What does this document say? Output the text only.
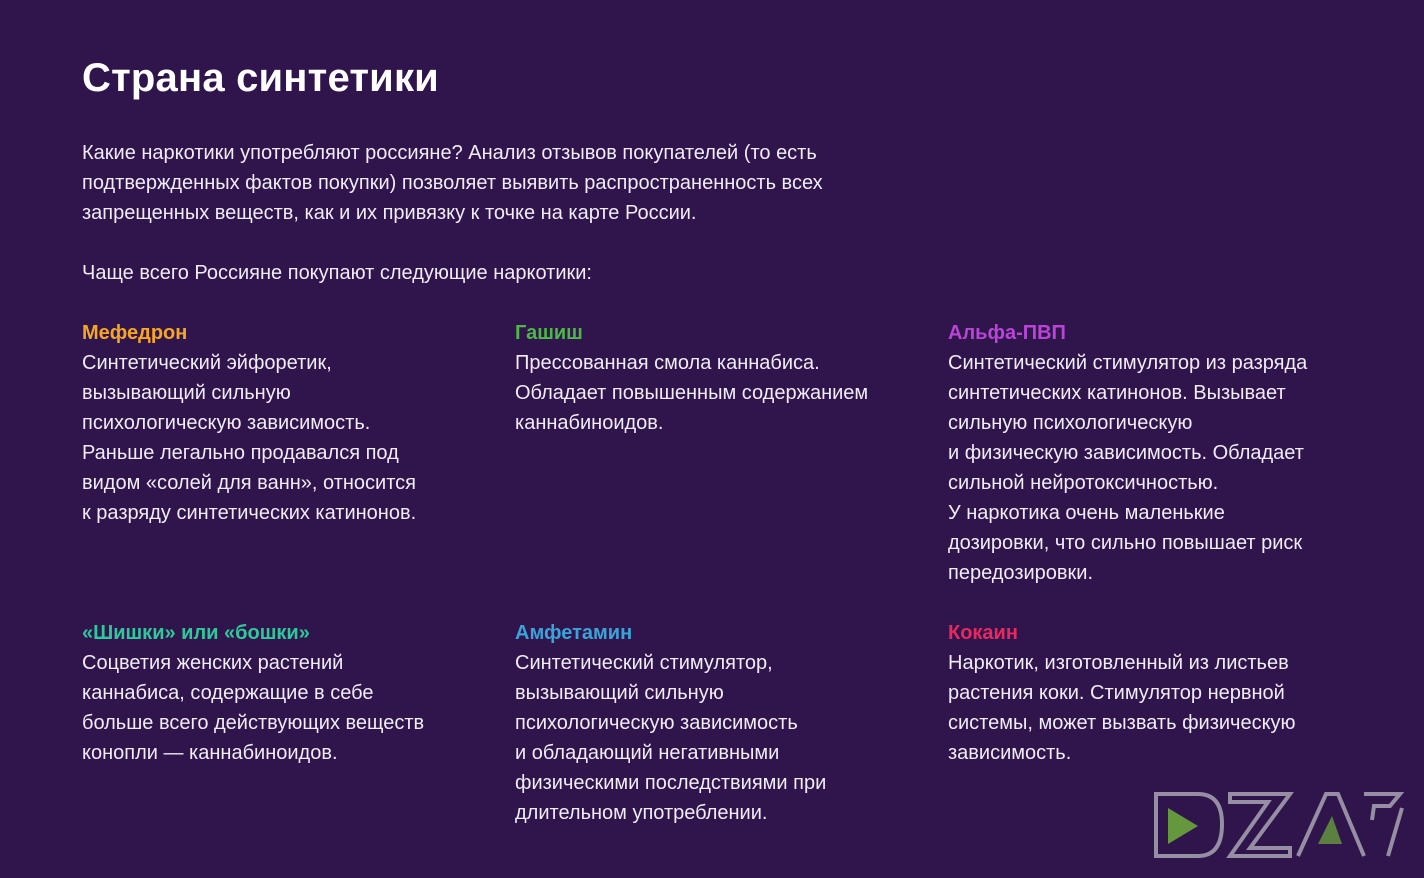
Страна синтетики

Какие наркотики употребляют россияне? Анализ отзывов покупателей (то есть подтвержденных фактов покупки) позволяет выявить распространенность всех запрещенных веществ, как и их привязку к точке на карте России.

Чаще всего Россияне покупают следующие наркотики:

Мефедрон
Синтетический эйфоретик,
вызывающий сильную
психологическую зависимость.
Раньше легально продавался под
видом «солей для ванн», относится
к разряду синтетических катинонов.
Гашиш
Прессованная смола каннабиса.
Обладает повышенным содержанием
каннабиноидов.
Альфа-ПВП
Синтетический стимулятор из разряда
синтетических катинонов. Вызывает
сильную психологическую
и физическую зависимость. Обладает
сильной нейротоксичностью.
У наркотика очень маленькие
дозировки, что сильно повышает риск
передозировки.
«Шишки» или «бошки»
Соцветия женских растений
каннабиса, содержащие в себе
больше всего действующих веществ
конопли — каннабиноидов.
Амфетамин
Синтетический стимулятор,
вызывающий сильную
психологическую зависимость
и обладающий негативными
физическими последствиями при
длительном употреблении.
Кокаин
Наркотик, изготовленный из листьев
растения коки. Стимулятор нервной
системы, может вызвать физическую
зависимость.
